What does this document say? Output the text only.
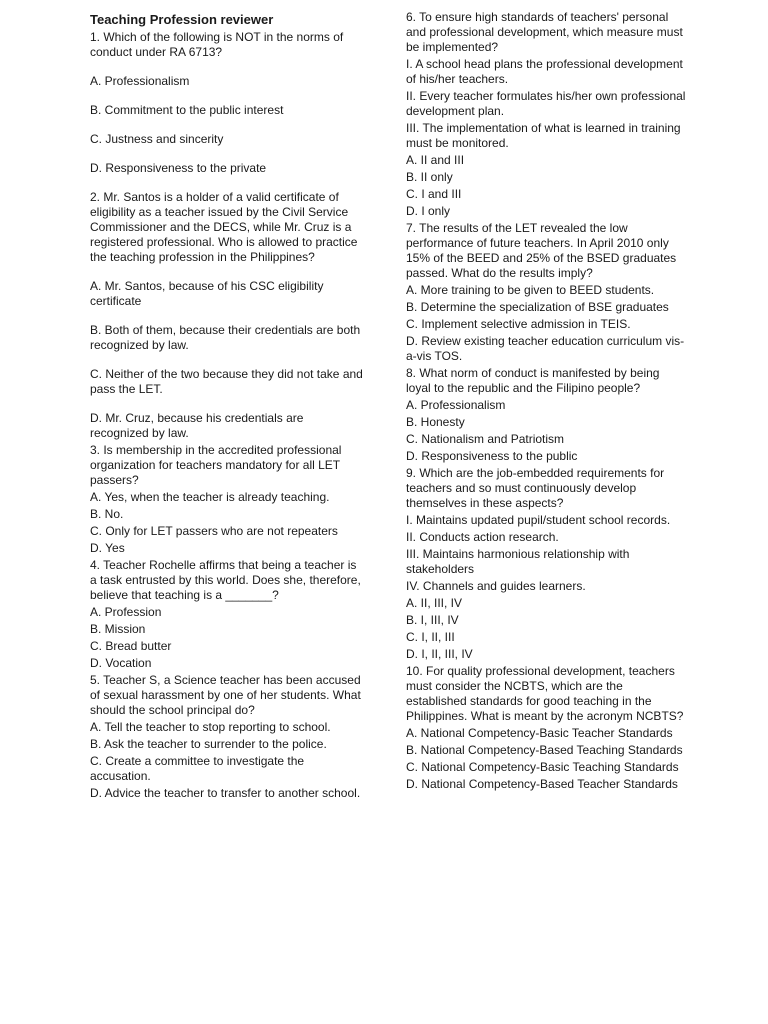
Teaching Profession reviewer
1. Which of the following is NOT in the norms of conduct under RA 6713?
A. Professionalism
B. Commitment to the public interest
C. Justness and sincerity
D. Responsiveness to the private
2. Mr. Santos is a holder of a valid certificate of eligibility as a teacher issued by the Civil Service Commissioner and the DECS, while Mr. Cruz is a registered professional. Who is allowed to practice the teaching profession in the Philippines?
A. Mr. Santos, because of his CSC eligibility certificate
B. Both of them, because their credentials are both recognized by law.
C. Neither of the two because they did not take and pass the LET.
D. Mr. Cruz, because his credentials are recognized by law.
3. Is membership in the accredited professional organization for teachers mandatory for all LET passers?
A. Yes, when the teacher is already teaching.
B. No.
C. Only for LET passers who are not repeaters
D. Yes
4. Teacher Rochelle affirms that being a teacher is a task entrusted by this world. Does she, therefore, believe that teaching is a _______?
A. Profession
B. Mission
C. Bread butter
D. Vocation
5. Teacher S, a Science teacher has been accused of sexual harassment by one of her students. What should the school principal do?
A. Tell the teacher to stop reporting to school.
B. Ask the teacher to surrender to the police.
C. Create a committee to investigate the accusation.
D. Advice the teacher to transfer to another school.
6. To ensure high standards of teachers' personal and professional development, which measure must be implemented?
I. A school head plans the professional development of his/her teachers.
II. Every teacher formulates his/her own professional development plan.
III. The implementation of what is learned in training must be monitored.
A. II and III
B. II only
C. I and III
D. I only
7. The results of the LET revealed the low performance of future teachers. In April 2010 only 15% of the BEED and 25% of the BSED graduates passed. What do the results imply?
A. More training to be given to BEED students.
B. Determine the specialization of BSE graduates
C. Implement selective admission in TEIS.
D. Review existing teacher education curriculum vis-a-vis TOS.
8. What norm of conduct is manifested by being loyal to the republic and the Filipino people?
A. Professionalism
B. Honesty
C. Nationalism and Patriotism
D. Responsiveness to the public
9. Which are the job-embedded requirements for teachers and so must continuously develop themselves in these aspects?
I. Maintains updated pupil/student school records.
II. Conducts action research.
III. Maintains harmonious relationship with stakeholders
IV. Channels and guides learners.
A. II, III, IV
B. I, III, IV
C. I, II, III
D. I, II, III, IV
10. For quality professional development, teachers must consider the NCBTS, which are the established standards for good teaching in the Philippines. What is meant by the acronym NCBTS?
A. National Competency-Basic Teacher Standards
B. National Competency-Based Teaching Standards
C. National Competency-Basic Teaching Standards
D. National Competency-Based Teacher Standards
